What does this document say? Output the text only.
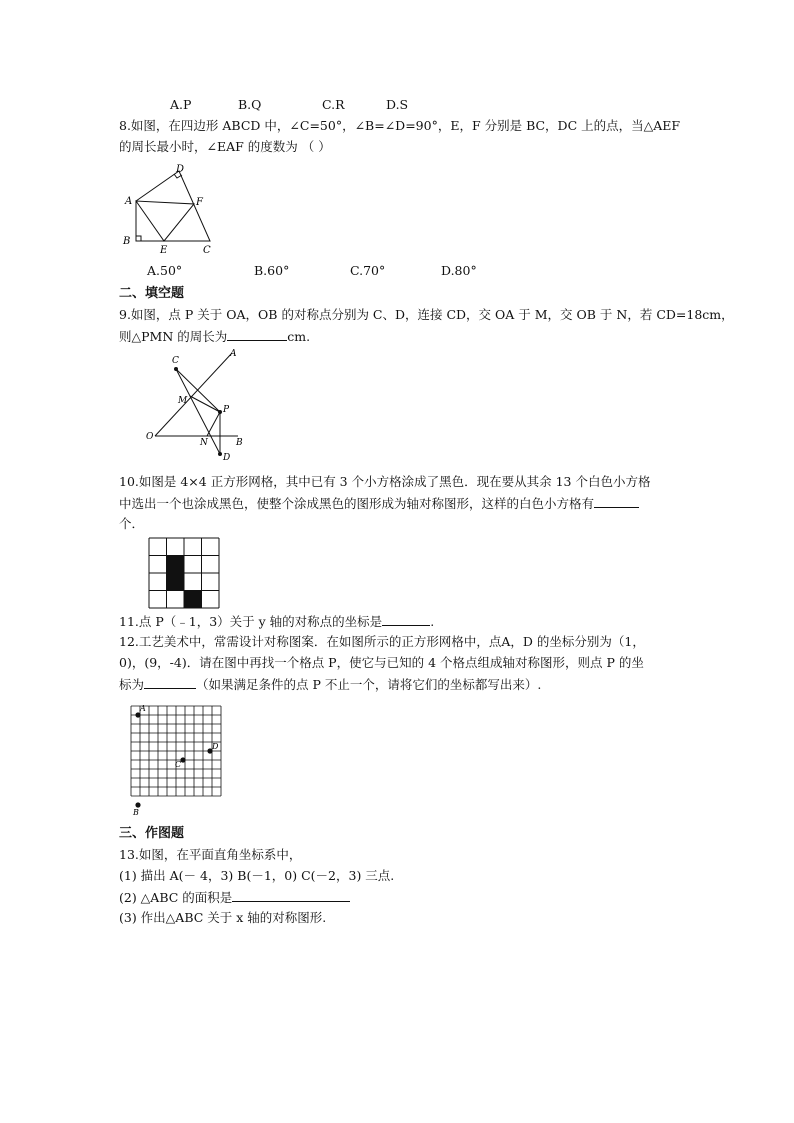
A.P	B.Q	C.R	D.S
8.如图，在四边形 ABCD 中，∠C=50°，∠B=∠D=90°，E，F 分别是 BC，DC 上的点，当△AEF
的周长最小时，∠EAF 的度数为 （ ）
A
B
C
D
E
F
A.50°	B.60°	C.70°	D.80°
二、填空题
9.如图，点 P 关于 OA，OB 的对称点分别为 C、D，连接 CD，交 OA 于 M，交 OB 于 N，若 CD=18cm，
则△PMN 的周长为	cm.
C
A
M
P
O
N	B
D
10.如图是 4×4 正方形网格，其中已有 3 个小方格涂成了黑色．现在要从其余 13 个白色小方格
中选出一个也涂成黑色，使整个涂成黑色的图形成为轴对称图形，这样的白色小方格有
个．
11.点 P（﹣1，3）关于 y 轴的对称点的坐标是	.
12.工艺美术中，常需设计对称图案．在如图所示的正方形网格中，点A，D 的坐标分别为（1，
0)，(9，-4)．请在图中再找一个格点 P，使它与已知的 4 个格点组成轴对称图形，则点 P 的坐
标为	（如果满足条件的点 P 不止一个，请将它们的坐标都写出来）.
A
B
C
D
三、作图题
13.如图，在平面直角坐标系中，
(1) 描出 A(－ 4，3) B(－1，0) C(－2，3) 三点.
(2) △ABC 的面积是
(3) 作出△ABC 关于 x 轴的对称图形.
